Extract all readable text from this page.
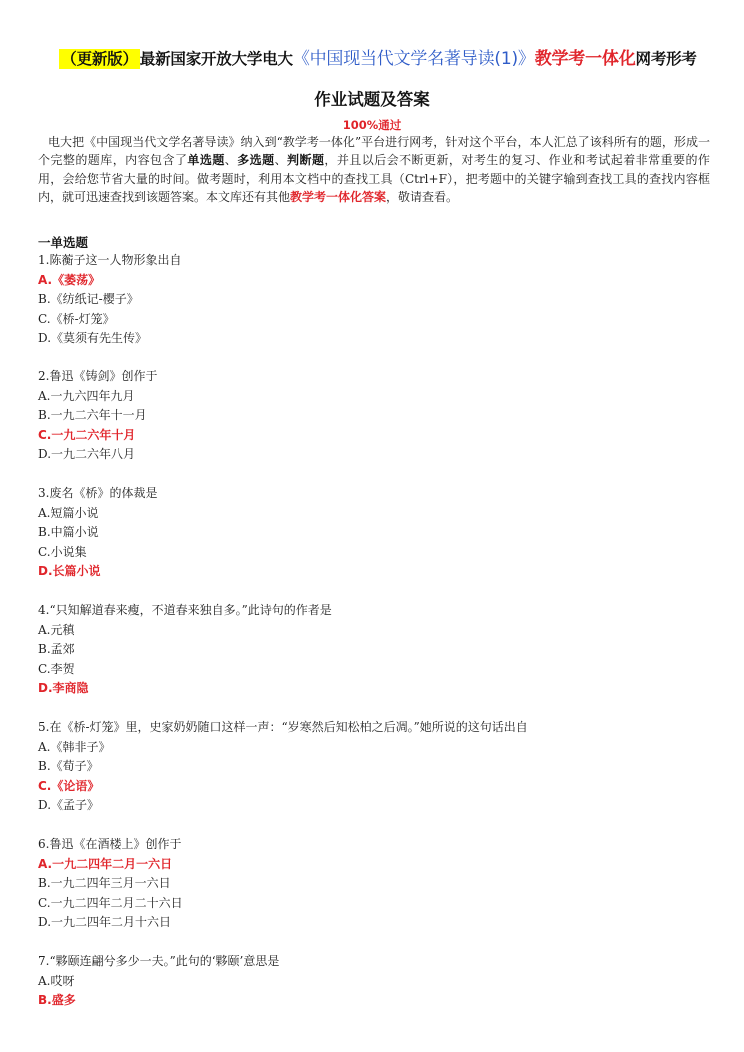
（更新版） 最新国家开放大学电大《中国现当代文学名著导读(1)》教学考一体化网考形考
作业试题及答案
100%通过
电大把《中国现当代文学名著导读》纳入到“教学考一体化”平台进行网考，针对这个平台，本人汇总了该科所有的题，形成一个完整的题库，内容包含了单选题、多选题、判断题，并且以后会不断更新，对考生的复习、作业和考试起着非常重要的作用，会给您节省大量的时间。做考题时，利用本文档中的查找工具（Ctrl+F），把考题中的关键字输到查找工具的查找内容框内，就可迅速查找到该题答案。本文库还有其他教学考一体化答案，敬请查看。
一单选题
1.陈蘅子这一人物形象出自
A.《萎荡》
B.《纺纸记-樱子》
C.《桥-灯笼》
D.《莫须有先生传》
2.鲁迅《铸剑》创作于
A.一九六四年九月
B.一九二六年十一月
C.一九二六年十月
D.一九二六年八月
3.废名《桥》的体裁是
A.短篇小说
B.中篇小说
C.小说集
D.长篇小说
4.“只知解道春来瘦，不道春来独自多。”此诗句的作者是
A.元稹
B.孟郊
C.李贺
D.李商隐
5.在《桥-灯笼》里，史家奶奶随口这样一声：“岁寒然后知松柏之后凋。”她所说的这句话出自
A.《韩非子》
B.《荀子》
C.《论语》
D.《孟子》
6.鲁迅《在酒楼上》创作于
A.一九二四年二月一六日
B.一九二四年三月一六日
C.一九二四年二月二十六日
D.一九二四年二月十六日
7.“夥颐连翩兮多少一夫。”此句的‘夥颐’意思是
A.哎呀
B.盛多
